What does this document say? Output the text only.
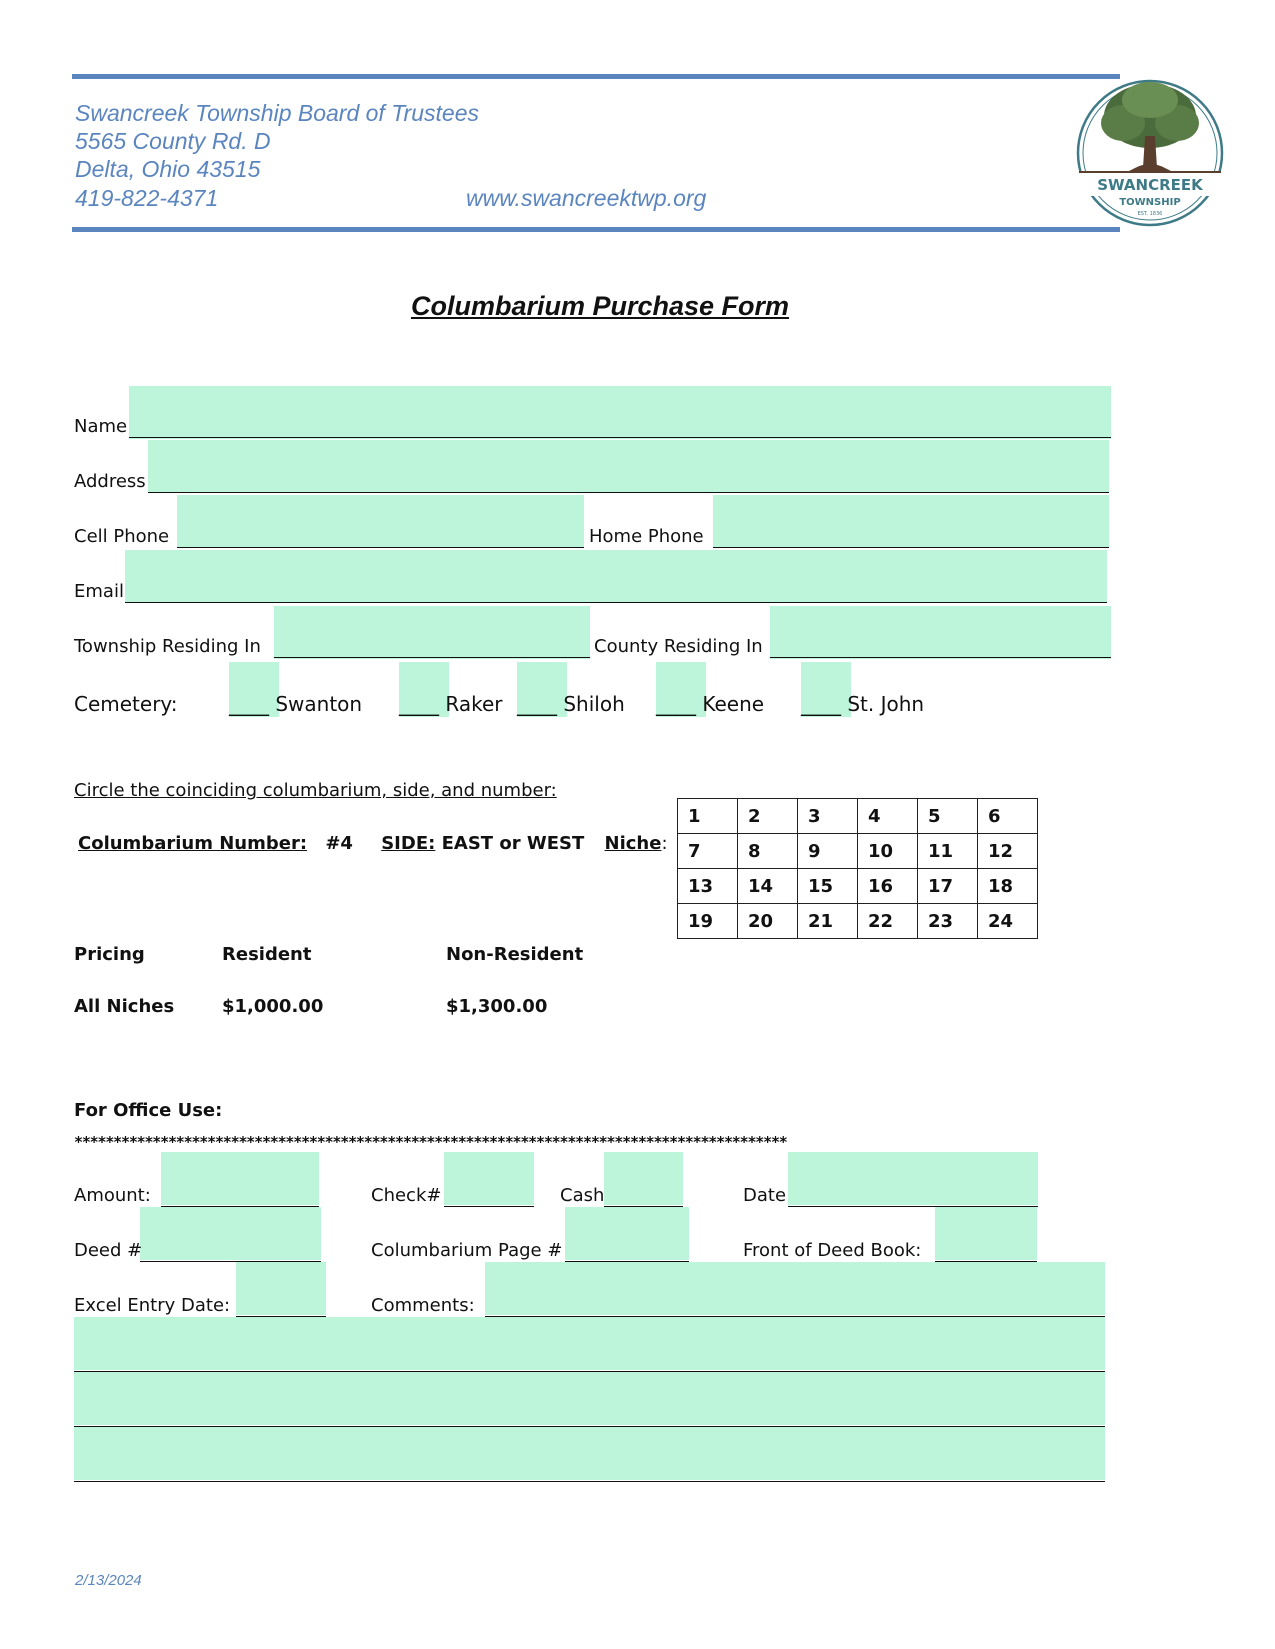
Swancreek Township Board of Trustees
5565 County Rd. D
Delta, Ohio 43515
419-822-4371	www.swancreektwp.org	SWANCREEK
TOWNSHIP
EST. 1836
Columbarium Purchase Form
Name
Address
Cell Phone	Home Phone
Email
Township Residing In	County Residing In
Cemetery:	____ Swanton ____ Raker ____ Shiloh ____ Keene ____ St. John
Circle the coinciding columbarium, side, and number:
Columbarium Number: #4 SIDE: EAST or WEST Niche:
1	2	3	4	5	6
7	8	9	10	11	12
13	14	15	16	17	18
19	20	21	22	23	24
Pricing	Resident	Non-Resident
All Niches	$1,000.00	$1,300.00
For Office Use:
*******************************************************************************************
Amount:	Check#	Cash	Date
Deed #	Columbarium Page #	Front of Deed Book:
Excel Entry Date:	Comments:
2/13/2024
